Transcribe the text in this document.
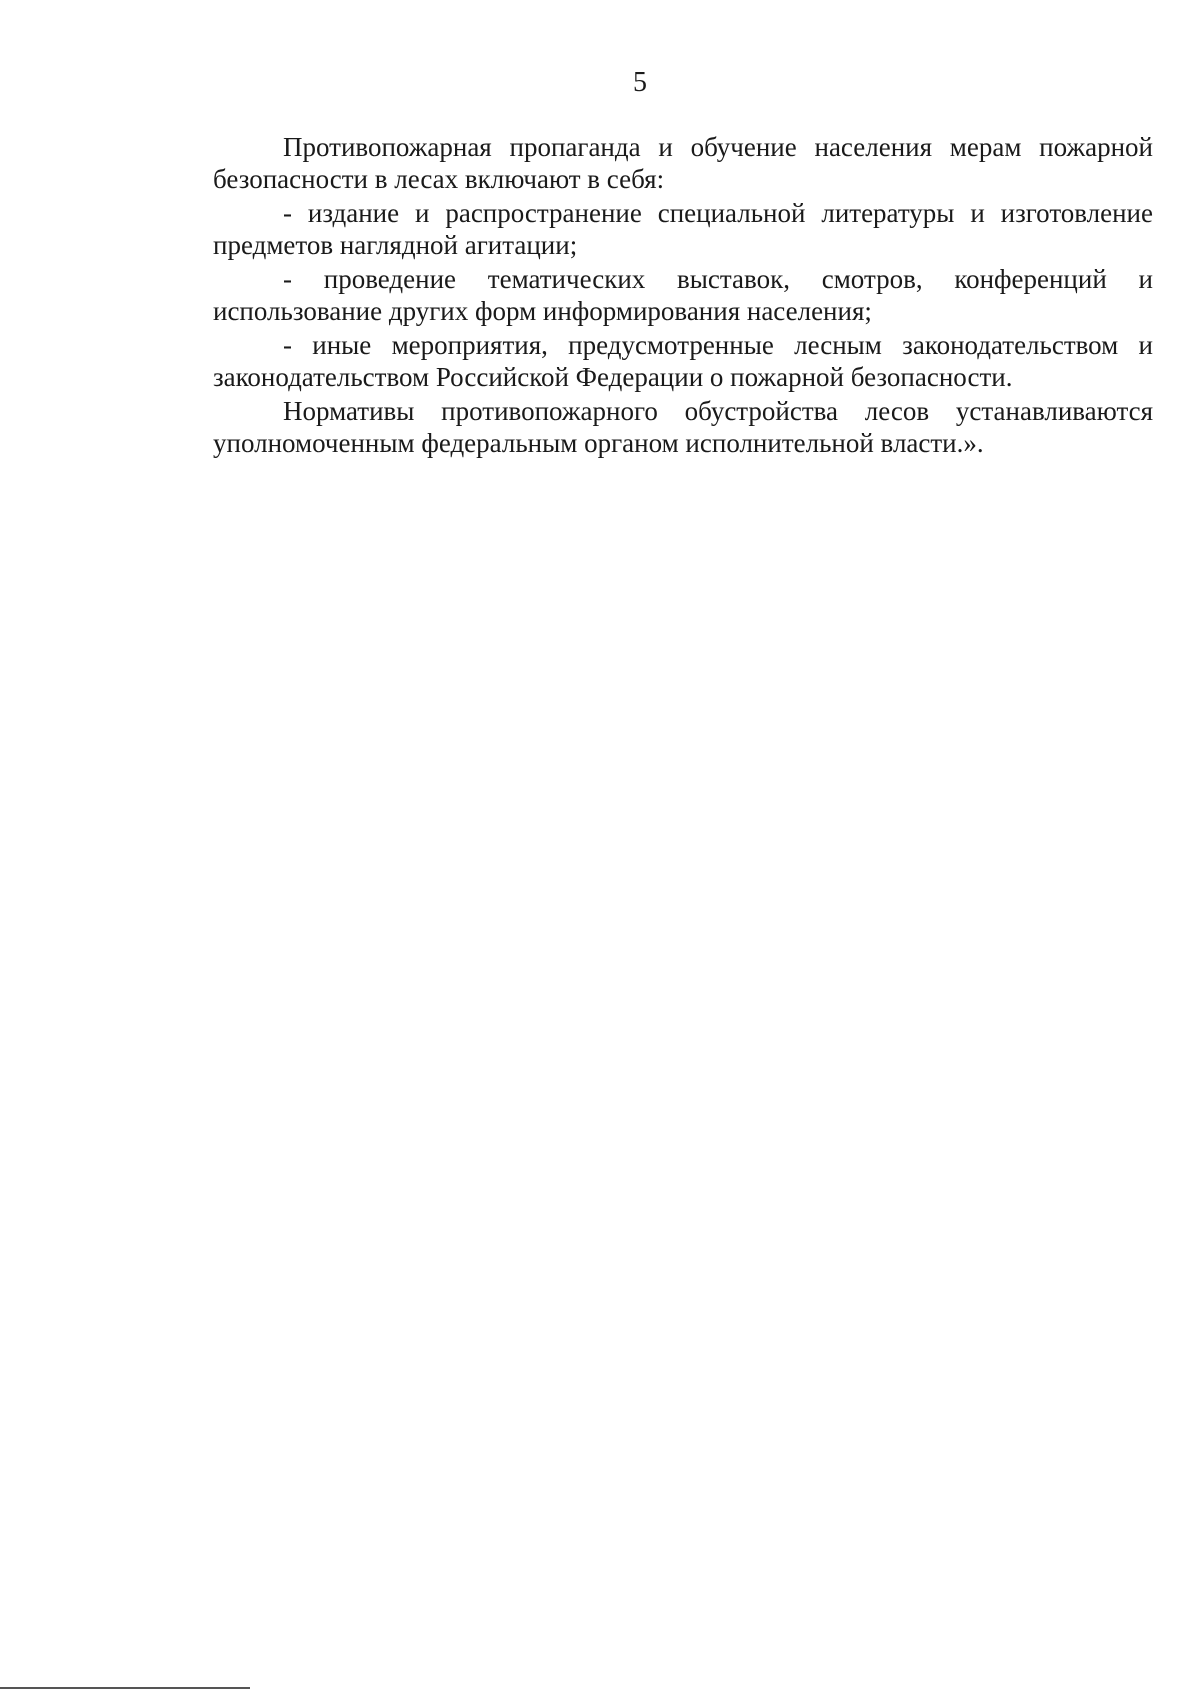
5

Противопожарная пропаганда и обучение населения мерам пожарной безопасности в лесах включают в себя:

- издание и распространение специальной литературы и изготовление предметов наглядной агитации;

- проведение тематических выставок, смотров, конференций и использование других форм информирования населения;

- иные мероприятия, предусмотренные лесным законодательством и законодательством Российской Федерации о пожарной безопасности.

Нормативы противопожарного обустройства лесов устанавливаются уполномоченным федеральным органом исполнительной власти.».
